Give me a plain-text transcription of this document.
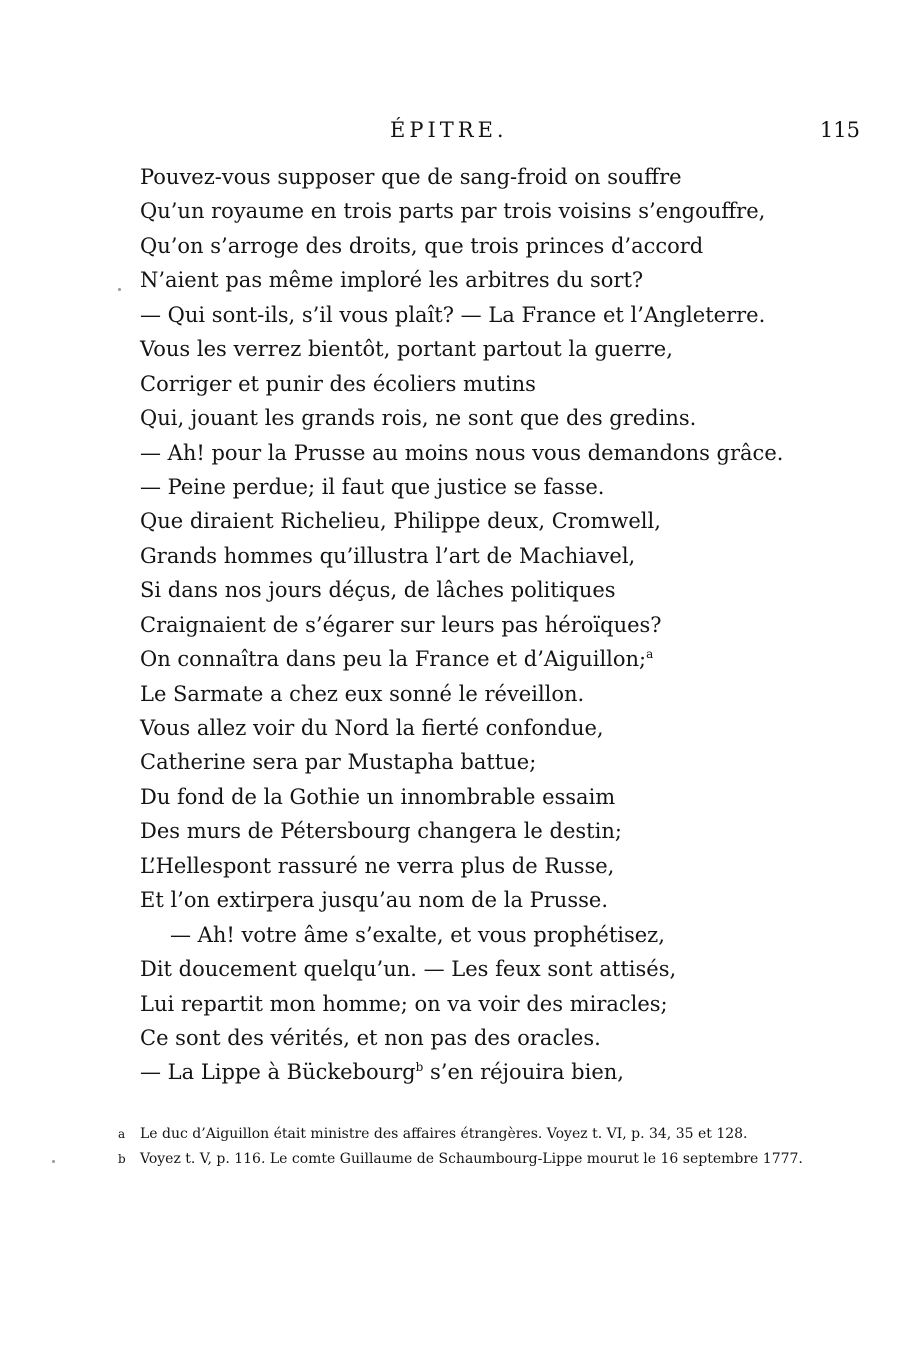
ÉPITRE.	115
Pouvez-vous supposer que de sang-froid on souffre
Qu’un royaume en trois parts par trois voisins s’engouffre,
Qu’on s’arroge des droits, que trois princes d’accord
N’aient pas même imploré les arbitres du sort?
— Qui sont-ils, s’il vous plaît? — La France et l’Angleterre.
Vous les verrez bientôt, portant partout la guerre,
Corriger et punir des écoliers mutins
Qui, jouant les grands rois, ne sont que des gredins.
— Ah! pour la Prusse au moins nous vous demandons grâce.
— Peine perdue; il faut que justice se fasse.
Que diraient Richelieu, Philippe deux, Cromwell,
Grands hommes qu’illustra l’art de Machiavel,
Si dans nos jours déçus, de lâches politiques
Craignaient de s’égarer sur leurs pas héroïques?
On connaîtra dans peu la France et d’Aiguillon;$^a$
Le Sarmate a chez eux sonné le réveillon.
Vous allez voir du Nord la fierté confondue,
Catherine sera par Mustapha battue;
Du fond de la Gothie un innombrable essaim
Des murs de Pétersbourg changera le destin;
L’Hellespont rassuré ne verra plus de Russe,
Et l’on extirpera jusqu’au nom de la Prusse.
— Ah! votre âme s’exalte, et vous prophétisez,
Dit doucement quelqu’un. — Les feux sont attisés,
Lui repartit mon homme; on va voir des miracles;
Ce sont des vérités, et non pas des oracles.
— La Lippe à Bückebourg$^b$ s’en réjouira bien,
a Le duc d’Aiguillon était ministre des affaires étrangères. Voyez t. VI, p. 34, 35 et 128.
b Voyez t. V, p. 116. Le comte Guillaume de Schaumbourg-Lippe mourut le 16 septembre 1777.
